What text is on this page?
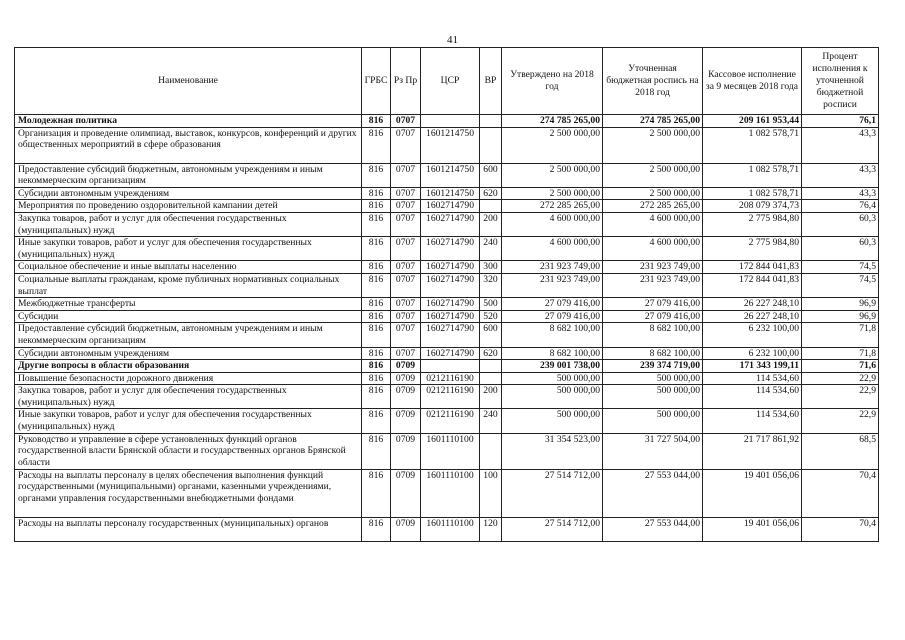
41
Наименование	ГРБС	Рз Пр	ЦСР	ВР	Утверждено на 2018 год	Уточненная бюджетная роспись на 2018 год	Кассовое исполнение за 9 месяцев 2018 года	Процент исполнения к уточненной бюджетной росписи
Молодежная политика	816	0707			274 785 265,00	274 785 265,00	209 161 953,44	76,1
Организация и проведение олимпиад, выставок, конкурсов, конференций и других общественных мероприятий в сфере образования	816	0707	1601214750		2 500 000,00	2 500 000,00	1 082 578,71	43,3
Предоставление субсидий бюджетным, автономным учреждениям и иным некоммерческим организациям	816	0707	1601214750	600	2 500 000,00	2 500 000,00	1 082 578,71	43,3
Субсидии автономным учреждениям	816	0707	1601214750	620	2 500 000,00	2 500 000,00	1 082 578,71	43,3
Мероприятия по проведению оздоровительной кампании детей	816	0707	1602714790		272 285 265,00	272 285 265,00	208 079 374,73	76,4
Закупка товаров, работ и услуг для обеспечения государственных (муниципальных) нужд	816	0707	1602714790	200	4 600 000,00	4 600 000,00	2 775 984,80	60,3
Иные закупки товаров, работ и услуг для обеспечения государственных (муниципальных) нужд	816	0707	1602714790	240	4 600 000,00	4 600 000,00	2 775 984,80	60,3
Социальное обеспечение и иные выплаты населению	816	0707	1602714790	300	231 923 749,00	231 923 749,00	172 844 041,83	74,5
Социальные выплаты гражданам, кроме публичных нормативных социальных выплат	816	0707	1602714790	320	231 923 749,00	231 923 749,00	172 844 041,83	74,5
Межбюджетные трансферты	816	0707	1602714790	500	27 079 416,00	27 079 416,00	26 227 248,10	96,9
Субсидии	816	0707	1602714790	520	27 079 416,00	27 079 416,00	26 227 248,10	96,9
Предоставление субсидий бюджетным, автономным учреждениям и иным некоммерческим организациям	816	0707	1602714790	600	8 682 100,00	8 682 100,00	6 232 100,00	71,8
Субсидии автономным учреждениям	816	0707	1602714790	620	8 682 100,00	8 682 100,00	6 232 100,00	71,8
Другие вопросы в области образования	816	0709			239 001 738,00	239 374 719,00	171 343 199,11	71,6
Повышение безопасности дорожного движения	816	0709	0212116190		500 000,00	500 000,00	114 534,60	22,9
Закупка товаров, работ и услуг для обеспечения государственных (муниципальных) нужд	816	0709	0212116190	200	500 000,00	500 000,00	114 534,60	22,9
Иные закупки товаров, работ и услуг для обеспечения государственных (муниципальных) нужд	816	0709	0212116190	240	500 000,00	500 000,00	114 534,60	22,9
Руководство и управление в сфере установленных функций органов государственной власти Брянской области и государственных органов Брянской области	816	0709	1601110100		31 354 523,00	31 727 504,00	21 717 861,92	68,5
Расходы на выплаты персоналу в целях обеспечения выполнения функций государственными (муниципальными) органами, казенными учреждениями, органами управления государственными внебюджетными фондами	816	0709	1601110100	100	27 514 712,00	27 553 044,00	19 401 056,06	70,4
Расходы на выплаты персоналу государственных (муниципальных) органов	816	0709	1601110100	120	27 514 712,00	27 553 044,00	19 401 056,06	70,4
